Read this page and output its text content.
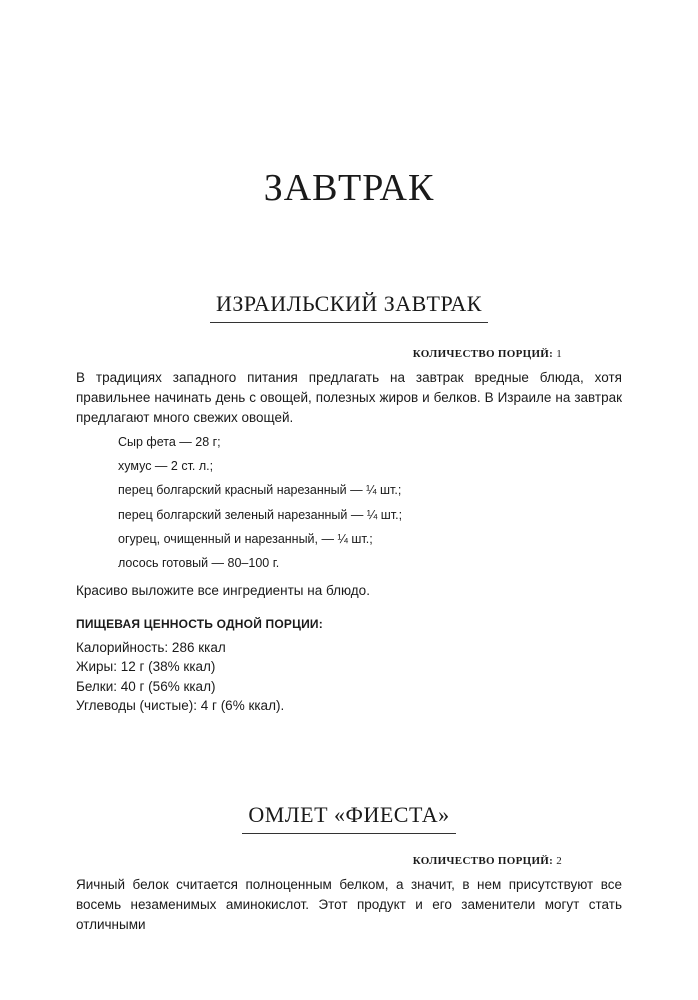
ЗАВТРАК
ИЗРАИЛЬСКИЙ ЗАВТРАК
КОЛИЧЕСТВО ПОРЦИЙ: 1
В традициях западного питания предлагать на завтрак вредные блюда, хотя правильнее начинать день с овощей, полезных жиров и белков. В Израиле на завтрак предлагают много свежих овощей.
Сыр фета — 28 г;
хумус — 2 ст. л.;
перец болгарский красный нарезанный — ¼ шт.;
перец болгарский зеленый нарезанный — ¼ шт.;
огурец, очищенный и нарезанный, — ¼ шт.;
лосось готовый — 80–100 г.
Красиво выложите все ингредиенты на блюдо.
ПИЩЕВАЯ ЦЕННОСТЬ ОДНОЙ ПОРЦИИ:
Калорийность: 286 ккал
Жиры: 12 г (38% ккал)
Белки: 40 г (56% ккал)
Углеводы (чистые): 4 г (6% ккал).
ОМЛЕТ «ФИЕСТА»
КОЛИЧЕСТВО ПОРЦИЙ: 2
Яичный белок считается полноценным белком, а значит, в нем присутствуют все восемь незаменимых аминокислот. Этот продукт и его заменители могут стать отличными
